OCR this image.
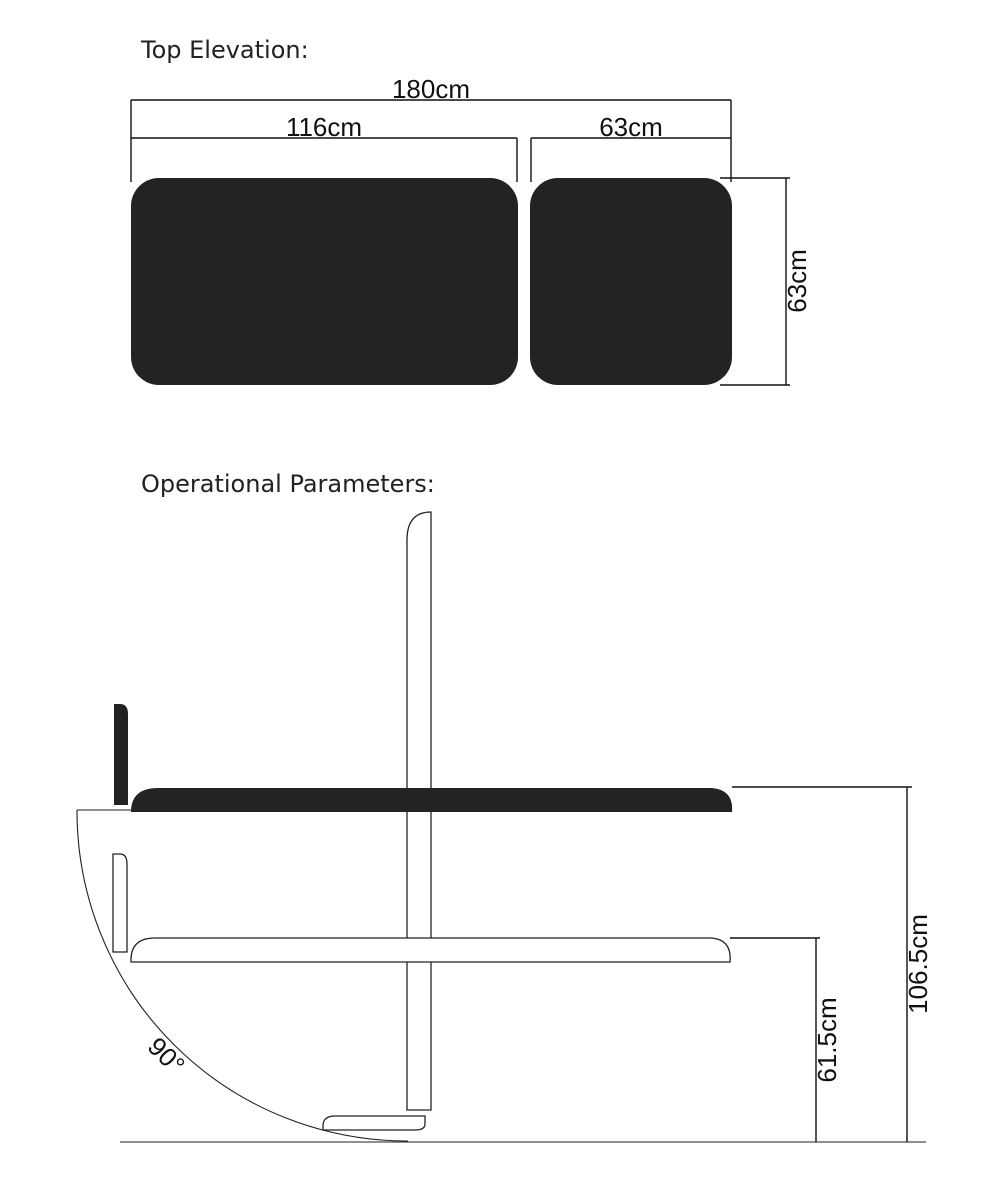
Top Elevation:
Operational Parameters:
180cm
116cm	63cm
63cm
90°
106.5cm
61.5cm
